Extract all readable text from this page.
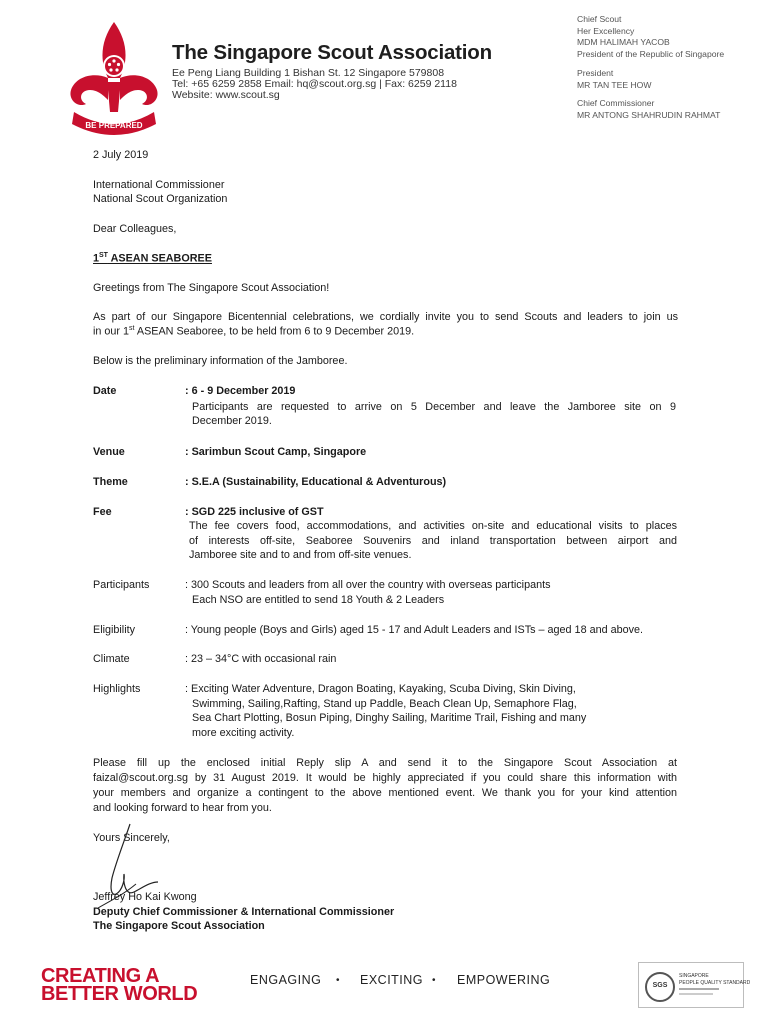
BE PREPARED
The Singapore Scout Association
Ee Peng Liang Building 1 Bishan St. 12 Singapore 579808
Tel: +65 6259 2858 Email: hq@scout.org.sg | Fax: 6259 2118
Website: www.scout.sg
Chief Scout
Her Excellency
MDM HALIMAH YACOB
President of the Republic of Singapore
President
MR TAN TEE HOW
Chief Commissioner
MR ANTONG SHAHRUDIN RAHMAT
2 July 2019
International Commissioner
National Scout Organization
Dear Colleagues,
1ST ASEAN SEABOREE
Greetings from The Singapore Scout Association!
As part of our Singapore Bicentennial celebrations, we cordially invite you to send Scouts and leaders to join us
in our 1st ASEAN Seaboree, to be held from 6 to 9 December 2019.
Below is the preliminary information of the Jamboree.
Date	: 6 - 9 December 2019
Participants are requested to arrive on 5 December and leave the Jamboree site on 9
December 2019.
Venue	: Sarimbun Scout Camp, Singapore
Theme	: S.E.A (Sustainability, Educational & Adventurous)
Fee	: SGD 225 inclusive of GST
The fee covers food, accommodations, and activities on-site and educational visits to places
of interests off-site, Seaboree Souvenirs and inland transportation between airport and
Jamboree site and to and from off-site venues.
Participants	: 300 Scouts and leaders from all over the country with overseas participants
Each NSO are entitled to send 18 Youth & 2 Leaders
Eligibility	: Young people (Boys and Girls) aged 15 - 17 and Adult Leaders and ISTs – aged 18 and above.
Climate	: 23 – 34°C with occasional rain
Highlights	: Exciting Water Adventure, Dragon Boating, Kayaking, Scuba Diving, Skin Diving,
Swimming, Sailing,Rafting, Stand up Paddle, Beach Clean Up, Semaphore Flag,
Sea Chart Plotting, Bosun Piping, Dinghy Sailing, Maritime Trail, Fishing and many
more exciting activity.
Please fill up the enclosed initial Reply slip A and send it to the Singapore Scout Association at
faizal@scout.org.sg by 31 August 2019. It would be highly appreciated if you could share this information with
your members and organize a contingent to the above mentioned event. We thank you for your kind attention
and looking forward to hear from you.
Yours Sincerely,
Jeffrey Ho Kai Kwong
Deputy Chief Commissioner & International Commissioner
The Singapore Scout Association
CREATING A
BETTER WORLD
ENGAGING • EXCITING • EMPOWERING	SGS
SINGAPORE
PEOPLE QUALITY STANDARD
